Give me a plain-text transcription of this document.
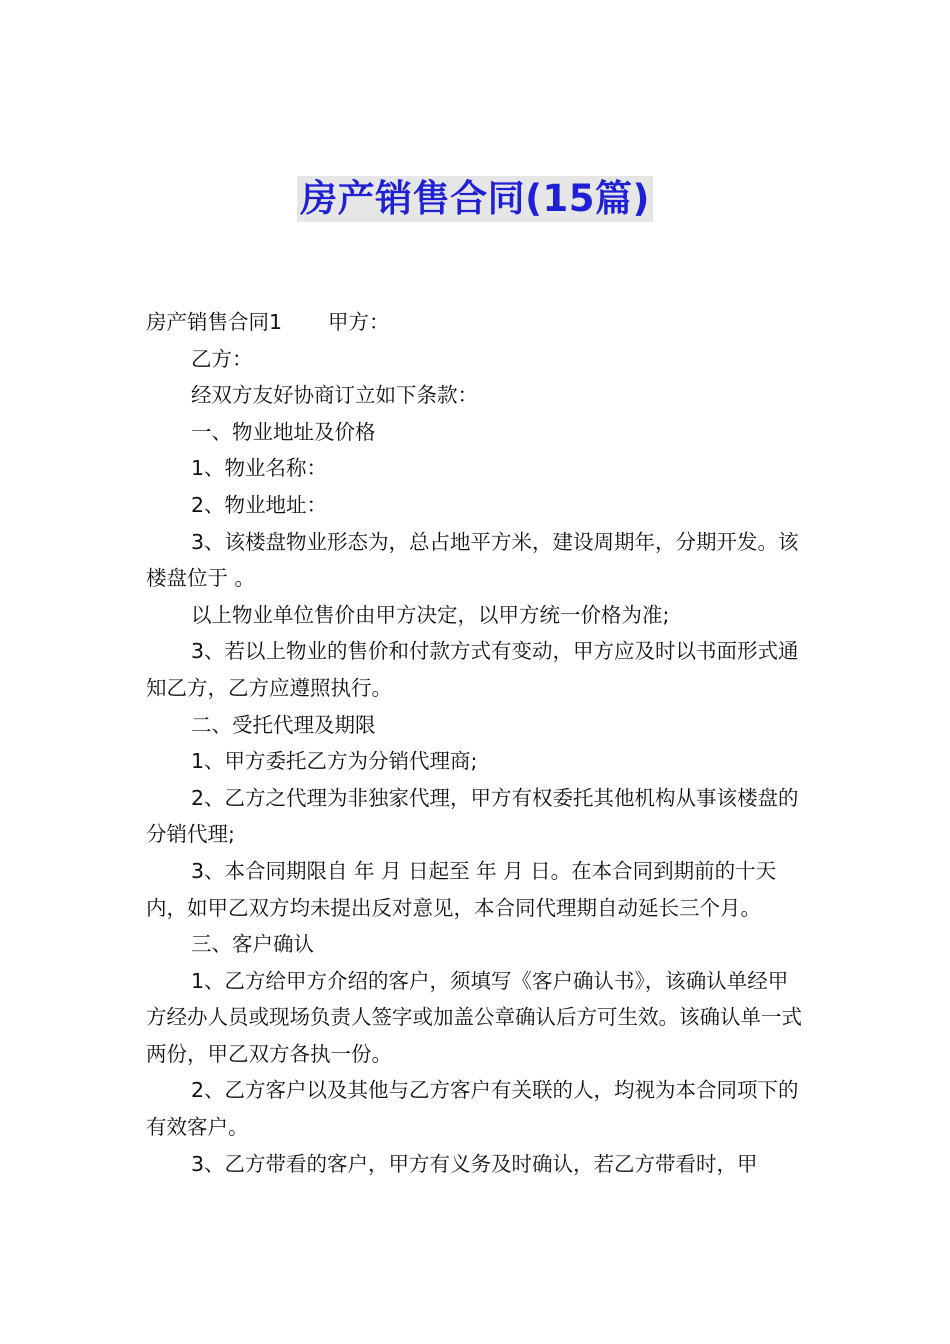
房产销售合同(15篇)

房产销售合同1 甲方：

乙方：

经双方友好协商订立如下条款：

一、物业地址及价格

1、物业名称：

2、物业地址：

3、该楼盘物业形态为，总占地平方米，建设周期年，分期开发。该楼盘位于 。

以上物业单位售价由甲方决定，以甲方统一价格为准;

3、若以上物业的售价和付款方式有变动，甲方应及时以书面形式通知乙方，乙方应遵照执行。

二、受托代理及期限

1、甲方委托乙方为分销代理商;

2、乙方之代理为非独家代理，甲方有权委托其他机构从事该楼盘的分销代理;

3、本合同期限自 年 月 日起至 年 月 日。在本合同到期前的十天内，如甲乙双方均未提出反对意见，本合同代理期自动延长三个月。

三、客户确认

1、乙方给甲方介绍的客户，须填写《客户确认书》，该确认单经甲方经办人员或现场负责人签字或加盖公章确认后方可生效。该确认单一式两份，甲乙双方各执一份。

2、乙方客户以及其他与乙方客户有关联的人，均视为本合同项下的有效客户。

3、乙方带看的客户，甲方有义务及时确认，若乙方带看时，甲
